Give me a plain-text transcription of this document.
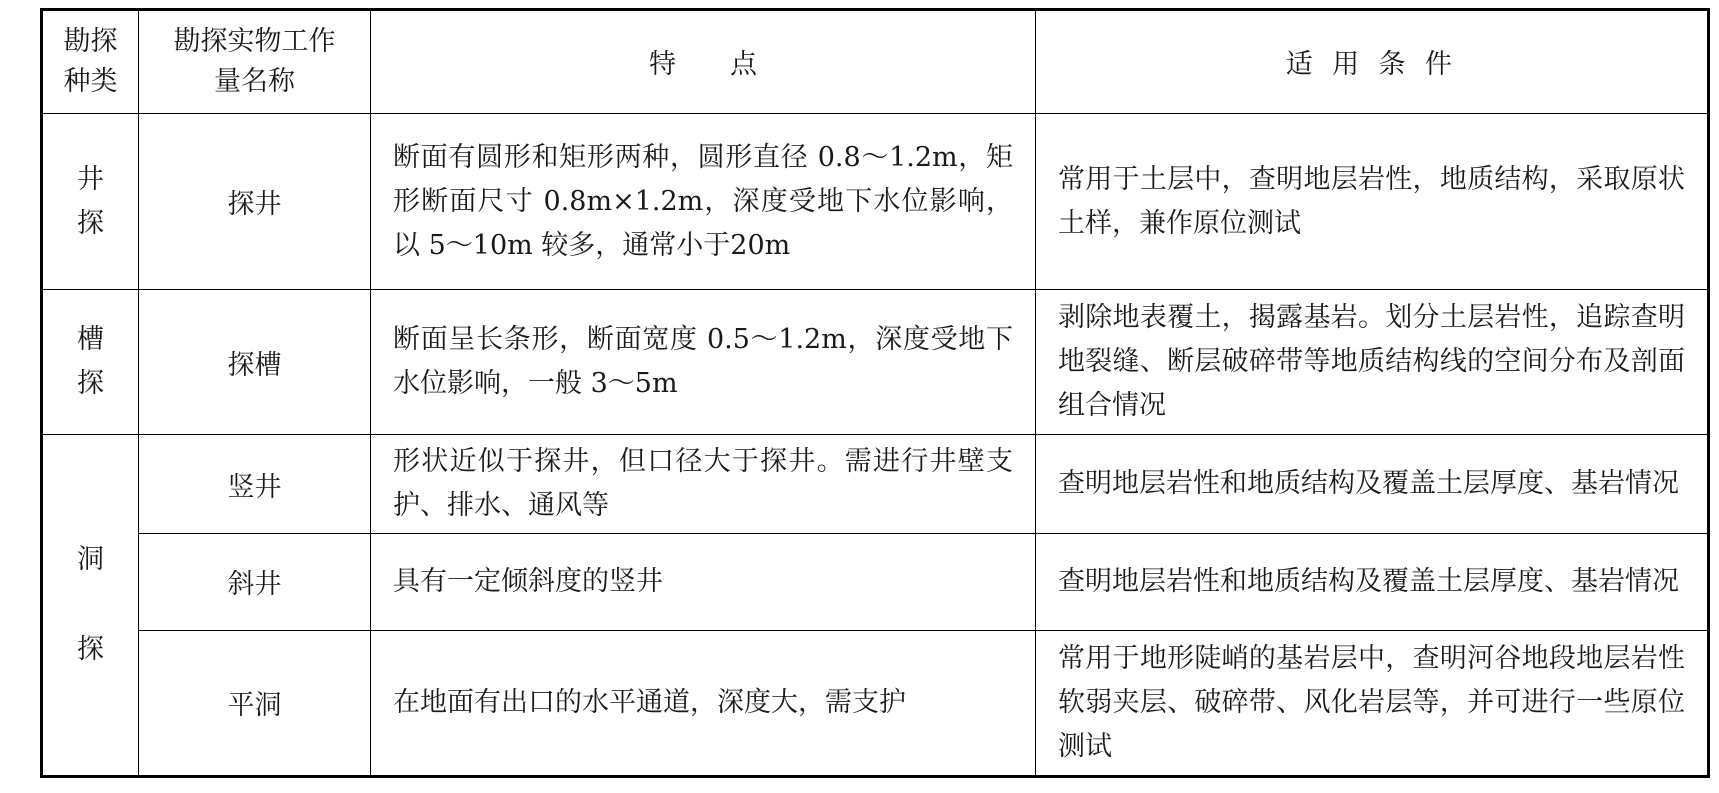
勘探种类	勘探实物工作量名称	特　　点	适 用 条 件
井探	探井	断面有圆形和矩形两种，圆形直径 0.8～1.2m，矩形断面尺寸 0.8m×1.2m，深度受地下水位影响，以 5～10m 较多，通常小于20m	常用于土层中，查明地层岩性，地质结构，采取原状土样，兼作原位测试
槽探	探槽	断面呈长条形，断面宽度 0.5～1.2m，深度受地下水位影响，一般 3～5m	剥除地表覆土，揭露基岩。划分土层岩性，追踪查明地裂缝、断层破碎带等地质结构线的空间分布及剖面组合情况
洞探	竖井	形状近似于探井，但口径大于探井。需进行井壁支护、排水、通风等	查明地层岩性和地质结构及覆盖土层厚度、基岩情况
	斜井	具有一定倾斜度的竖井	查明地层岩性和地质结构及覆盖土层厚度、基岩情况
	平洞	在地面有出口的水平通道，深度大，需支护	常用于地形陡峭的基岩层中，查明河谷地段地层岩性软弱夹层、破碎带、风化岩层等，并可进行一些原位测试
